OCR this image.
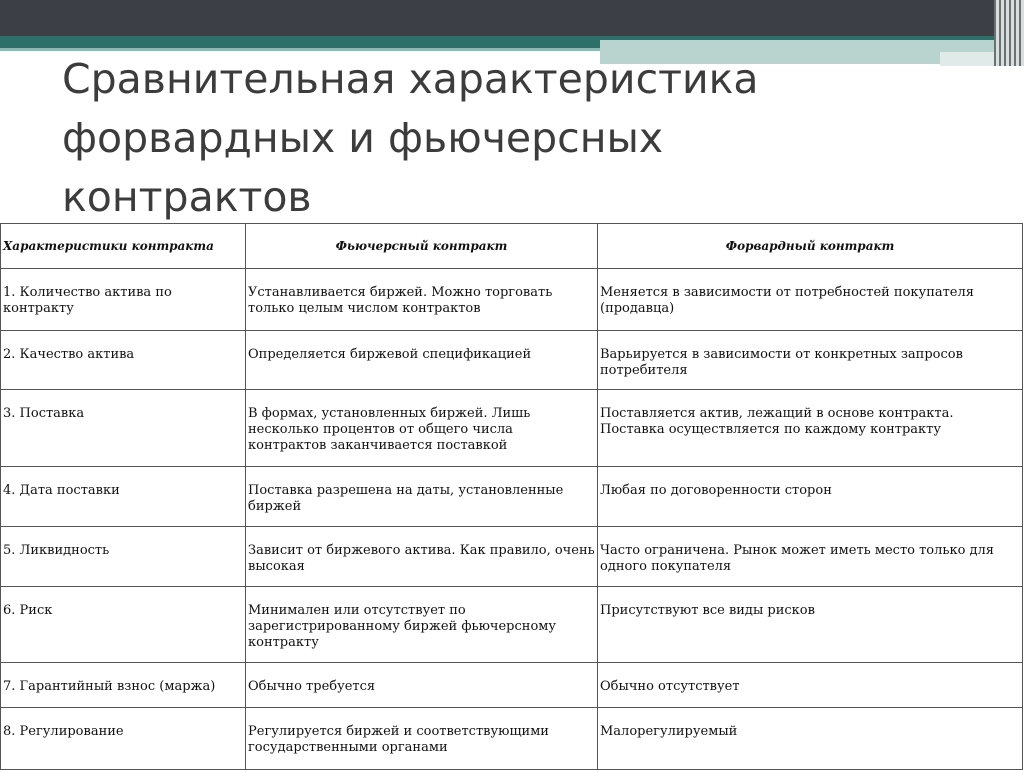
Сравнительная характеристика
форвардных и фьючерсных
контрактов
Характеристики контракта	Фьючерсный контракт	Форвардный контракт
1. Количество актива по контракту	Устанавливается биржей. Можно торговать только целым числом контрактов	Меняется в зависимости от потребностей покупателя (продавца)
2. Качество актива	Определяется биржевой спецификацией	Варьируется в зависимости от конкретных запросов потребителя
3. Поставка	В формах, установленных биржей. Лишь несколько процентов от общего числа контрактов заканчивается поставкой	Поставляется актив, лежащий в основе контракта. Поставка осуществляется по каждому контракту
4. Дата поставки	Поставка разрешена на даты, установленные биржей	Любая по договоренности сторон
5. Ликвидность	Зависит от биржевого актива. Как правило, очень высокая	Часто ограничена. Рынок может иметь место только для одного покупателя
6. Риск	Минимален или отсутствует по зарегистрированному биржей фьючерсному контракту	Присутствуют все виды рисков
7. Гарантийный взнос (маржа)	Обычно требуется	Обычно отсутствует
8. Регулирование	Регулируется биржей и соответствующими государственными органами	Малорегулируемый
